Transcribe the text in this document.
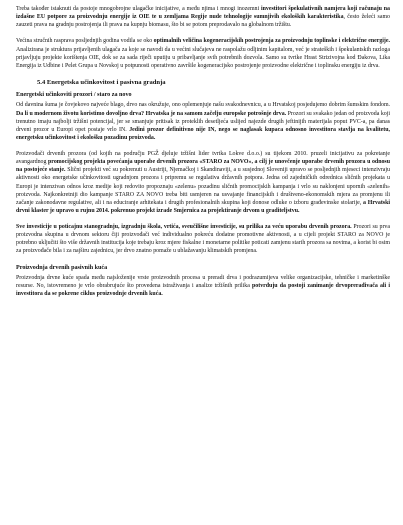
Treba također istaknuti da postoje mnogobrojne ulagačke inicijative, a među njima i mnogi inozemni investitori špekulativnih namjera koji računaju na izdašne EU potpore za proizvodnju energije iz OIE te u zemljama Regije nude tehnologije sumnjivih ekoloških karakteristika, često želeći samo zauzeti prava na gradnju postrojenja ili prava na kupnju biomasu, što bi se potom preprodavalo na globalnom tržištu.

Većina stručnih rasprava posljednjih godina vodila se oko optimalnih veličina kogeneracijskih postrojenja za proizvodnju toplinske i električne energije. Analizirana je struktura prijavljenih ulagača za koje se navodi da u većini slučajeva ne raspolažu odljinim kapitalom, već je strateških i špekulantskih razloga prijavljuju projekte korištenja OIE, dok se za sada riječi uputiju u pribavljanje svih potrebnih dozvola. Samo su tvrtke Hrast Strizivojna kod Đakova, Lika Energija iz Udbine i Pelet Grupa u Novskoj u potpunosti operativno završile kogeneracijsko postrojenje proizvodne električne i toplinsku energiju iz drva.

5.4 Energetska učinkovitost i pasivna gradnja
Energetski učinkoviti prozori / staro za novo

Od davnina šuma je čovjekovo najveće blago, drvo nas okružuje, ono oplemenjuje našu svakodnevnicu, a u Hrvatskoj posjedujemo dobrim šumskim fondom. Da li u modernom životu koristimo dovoljno drva? Hrvatska je na samom začelju europske potrošnje drva. Prozori su svakako jedan od proizvoda koji trenutno imaju najbolji tržišni potencijal, jer se smanjuje pritisak iz proteklih desetljeća uslijed najezde drugih jeftinijih materijala poput PVC-a, pa danas drveni prozor u Europi opet postaje vrlo IN. Jedini prozor definitivno nije IN, nego se naglasak kupaca odnosno investitora stavlja na kvalitetu, energetsku učinkovitost i ekološku pozadinu proizvoda.

Proizvođači drvenih prozora (od kojih na području PGŽ djeluje tržišni lider tvrtka Lokve d.o.o.) su tijekom 2010. pruzeli inicijativu za pokretanje avangardnog promocijskog projekta povećanja uporabe drvenih prozora «STARO za NOVO», a cilj je unovčenje uporabe drvenih prozora u odnosu na postojeće stanje. Slični projekti već su pokrenuti u Austriji, Njemačkoj i Skandinaviji, a u susjednoj Sloveniji upravo se posljednjih mjeseci intenzivraju aktivnosti oko energetske učinkovitosti ugradnjom prozora i pripremu se regulativa državnih potpora. Jedna od zajedničkih odrednica sličnih projekata u Europi je intenzivan odnos kroz medije koji redovito propoznaju «zelenu» pozadinu sličnih promocijskih kampanja i vrlo su naklonjeni upornih «zelenih» proizvoda. Najkonkretniji dio kampanje STARO ZA NOVO treba biti usmjeren na usvajanje financijskih i društveno-ekonomskih mjera za promjenu ili začanje zakonodavne regulative, ali i na educiranje arhitekata i drugih profesionalnih skupina koji donose odluke o izboru građevinske stolarije, a Hrvatski drvni klaster je upravo u rujnu 2014. pokrenuo projekt izrade Smjernica za projektiranje drvom u graditeljstvu.

Sve investicije u poticajnu stanogradnju, izgradnju škola, vrtića, sveučilišne investicije, su prilika za veću uporabu drvenih prozora. Prozori su prva proizvodna skupina u drvnom sektoru čiji proizvođači već individualno pokreću dodatne promotivne aktivnosti, a u cijeli projekt STARO za NOVO je potrebno uključiti što više državnih institucija koje trebaju kroz mjere fiskalne i monetarne politike poticati zamjenu starih prozora sa novima, a korist bi osim za proizvođače bila i za najširu zajednicu, jer drvo znatno pomaže u ublažavanju klimatskih promjena.

Proizvodnja drvenih pasivnih kuća

Proizvodnja drvne kuće spada među najsloženije vrste proizvodnih procesa u preradi drva i podrazumijeva velike organizacijske, tehničke i marketinške resurse. No, istovremeno je vrlo obrabrujuće što provedena istraživanja i analize tržišnih prilika potvrđuju da postoji zanimanje drvoprerađivača ali i investitora da se pokrene ciklus proizvodnje drvenih kuća.
